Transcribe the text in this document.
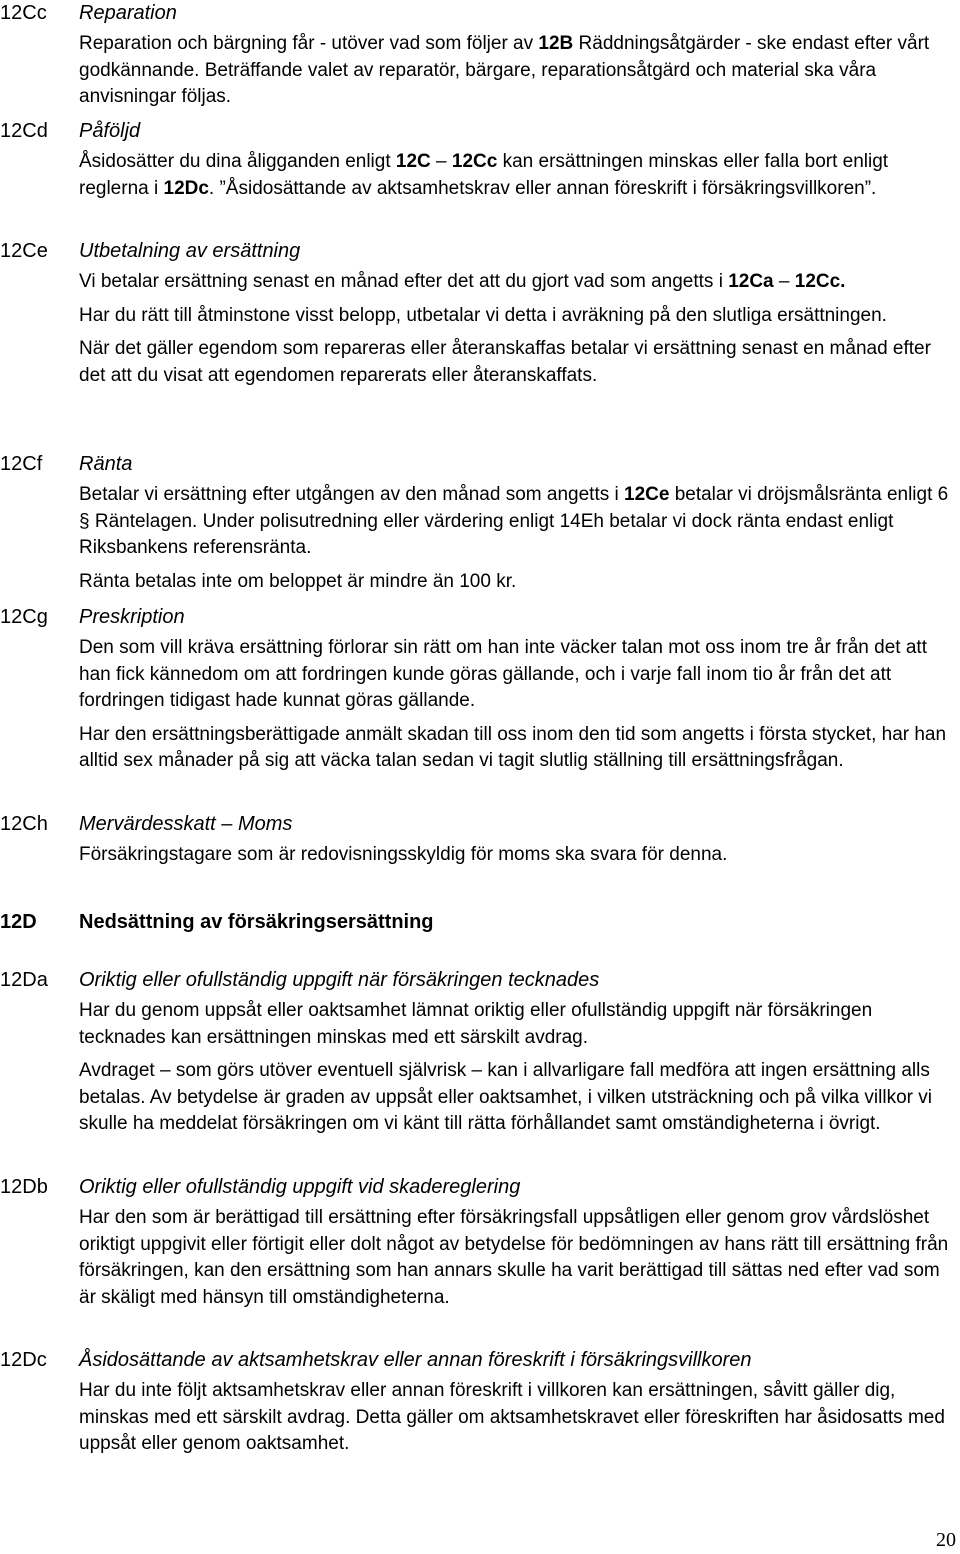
12Cc Reparation

Reparation och bärgning får - utöver vad som följer av 12B Räddningsåtgärder - ske endast efter vårt godkännande. Beträffande valet av reparatör, bärgare, reparationsåtgärd och material ska våra anvisningar följas.

12Cd Påföljd

Åsidosätter du dina åligganden enligt 12C – 12Cc kan ersättningen minskas eller falla bort enligt reglerna i 12Dc. ”Åsidosättande av aktsamhetskrav eller annan föreskrift i försäkringsvillkoren”.

12Ce Utbetalning av ersättning

Vi betalar ersättning senast en månad efter det att du gjort vad som angetts i 12Ca – 12Cc.

Har du rätt till åtminstone visst belopp, utbetalar vi detta i avräkning på den slutliga ersättningen.

När det gäller egendom som repareras eller återanskaffas betalar vi ersättning senast en månad efter det att du visat att egendomen reparerats eller återanskaffats.

12Cf Ränta

Betalar vi ersättning efter utgången av den månad som angetts i 12Ce betalar vi dröjsmålsränta enligt 6 § Räntelagen. Under polisutredning eller värdering enligt 14Eh betalar vi dock ränta endast enligt Riksbankens referensränta.

Ränta betalas inte om beloppet är mindre än 100 kr.

12Cg Preskription

Den som vill kräva ersättning förlorar sin rätt om han inte väcker talan mot oss inom tre år från det att han fick kännedom om att fordringen kunde göras gällande, och i varje fall inom tio år från det att fordringen tidigast hade kunnat göras gällande.

Har den ersättningsberättigade anmält skadan till oss inom den tid som angetts i första stycket, har han alltid sex månader på sig att väcka talan sedan vi tagit slutlig ställning till ersättningsfrågan.

12Ch Mervärdesskatt – Moms

Försäkringstagare som är redovisningsskyldig för moms ska svara för denna.

12D Nedsättning av försäkringsersättning
12Da Oriktig eller ofullständig uppgift när försäkringen tecknades

Har du genom uppsåt eller oaktsamhet lämnat oriktig eller ofullständig uppgift när försäkringen tecknades kan ersättningen minskas med ett särskilt avdrag.

Avdraget – som görs utöver eventuell självrisk – kan i allvarligare fall medföra att ingen ersättning alls betalas. Av betydelse är graden av uppsåt eller oaktsamhet, i vilken utsträckning och på vilka villkor vi skulle ha meddelat försäkringen om vi känt till rätta förhållandet samt omständigheterna i övrigt.

12Db Oriktig eller ofullständig uppgift vid skadereglering

Har den som är berättigad till ersättning efter försäkringsfall uppsåtligen eller genom grov vårdslöshet oriktigt uppgivit eller förtigit eller dolt något av betydelse för bedömningen av hans rätt till ersättning från försäkringen, kan den ersättning som han annars skulle ha varit berättigad till sättas ned efter vad som är skäligt med hänsyn till omständigheterna.

12Dc Åsidosättande av aktsamhetskrav eller annan föreskrift i försäkringsvillkoren

Har du inte följt aktsamhetskrav eller annan föreskrift i villkoren kan ersättningen, såvitt gäller dig, minskas med ett särskilt avdrag. Detta gäller om aktsamhetskravet eller föreskriften har åsidosatts med uppsåt eller genom oaktsamhet.

20
